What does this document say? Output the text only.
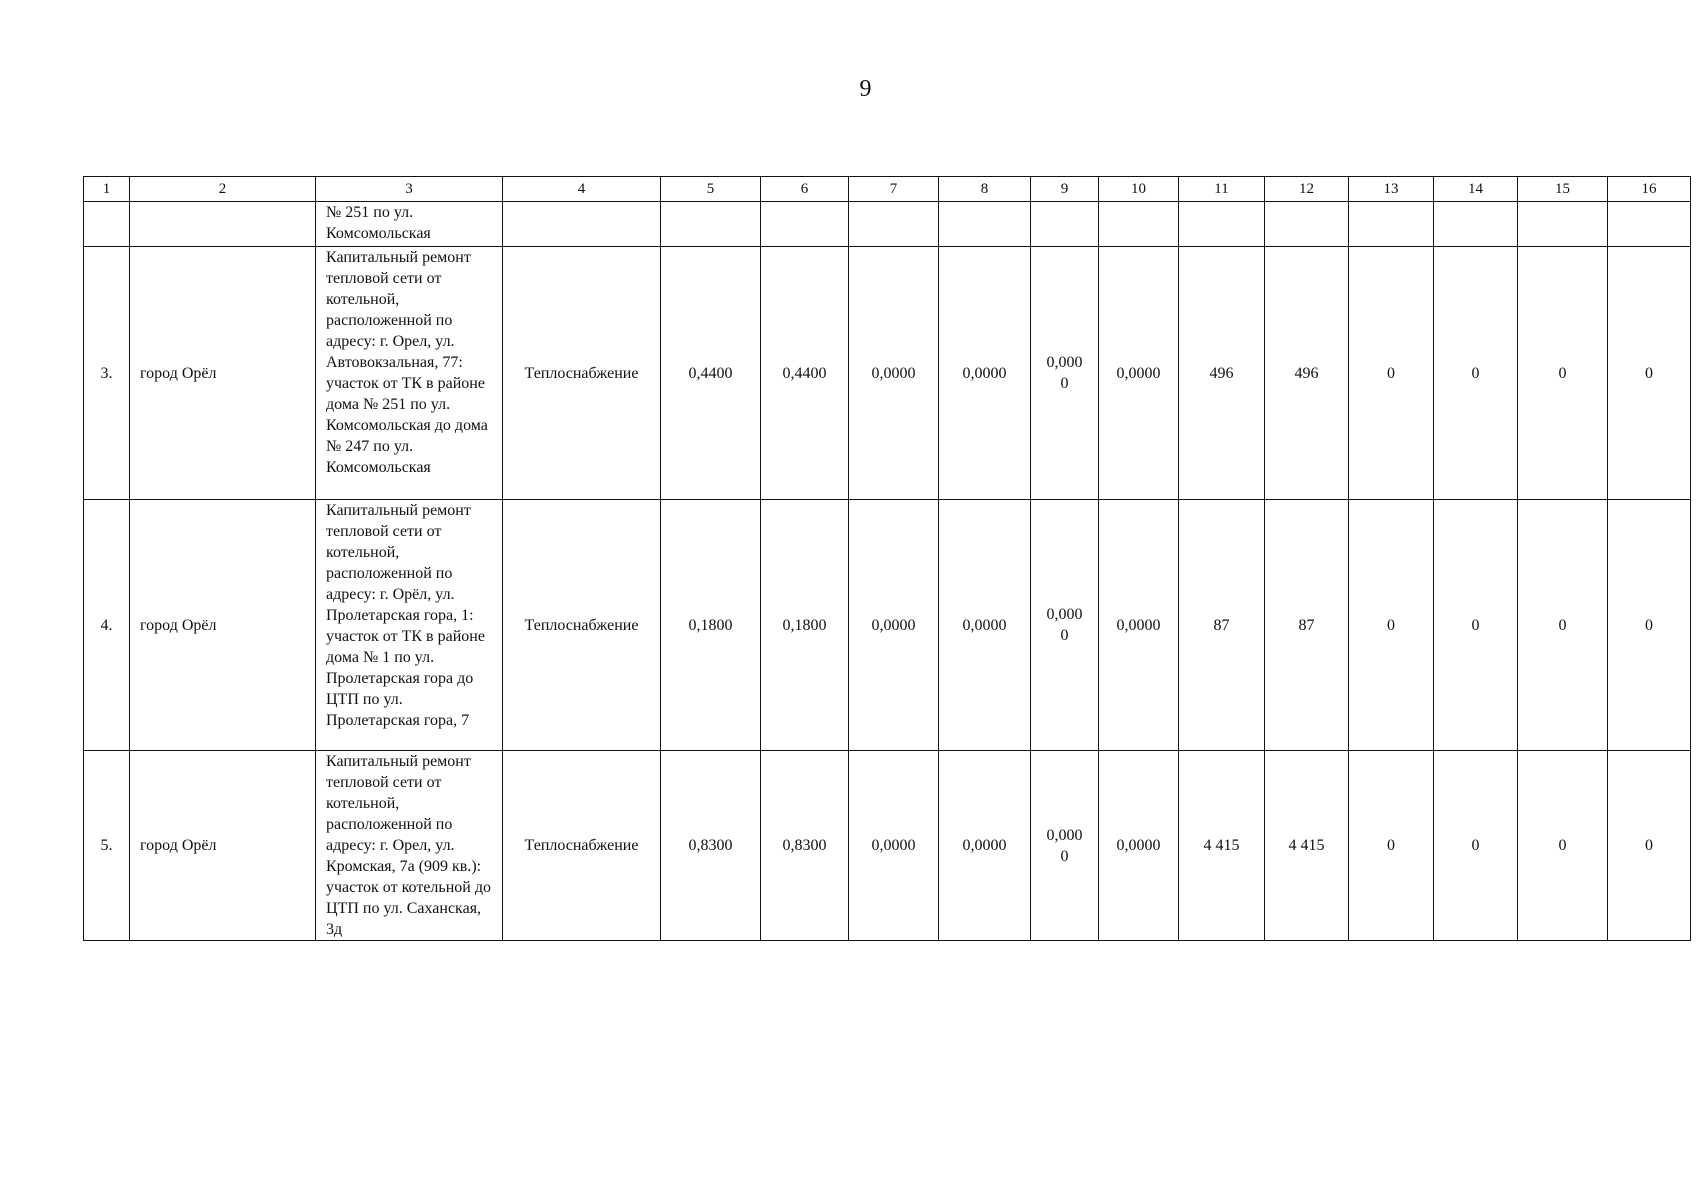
9
1	2	3	4	5	6	7	8	9	10	11	12	13	14	15	16
		№ 251 по ул. Комсомольская													
3.	город Орёл	Капитальный ремонт тепловой сети от котельной, расположенной по адресу: г. Орел, ул. Автовокзальная, 77: участок от ТК в районе дома № 251 по ул. Комсомольская до дома № 247 по ул. Комсомольская	Теплоснабжение	0,4400	0,4400	0,0000	0,0000	0,000 0	0,0000	496	496	0	0	0	0
4.	город Орёл	Капитальный ремонт тепловой сети от котельной, расположенной по адресу: г. Орёл, ул. Пролетарская гора, 1: участок от ТК в районе дома № 1 по ул. Пролетарская гора до ЦТП по ул. Пролетарская гора, 7	Теплоснабжение	0,1800	0,1800	0,0000	0,0000	0,000 0	0,0000	87	87	0	0	0	0
5.	город Орёл	Капитальный ремонт тепловой сети от котельной, расположенной по адресу: г. Орел, ул. Кромская, 7а (909 кв.): участок от котельной до ЦТП по ул. Саханская, 3д	Теплоснабжение	0,8300	0,8300	0,0000	0,0000	0,000 0	0,0000	4 415	4 415	0	0	0	0
